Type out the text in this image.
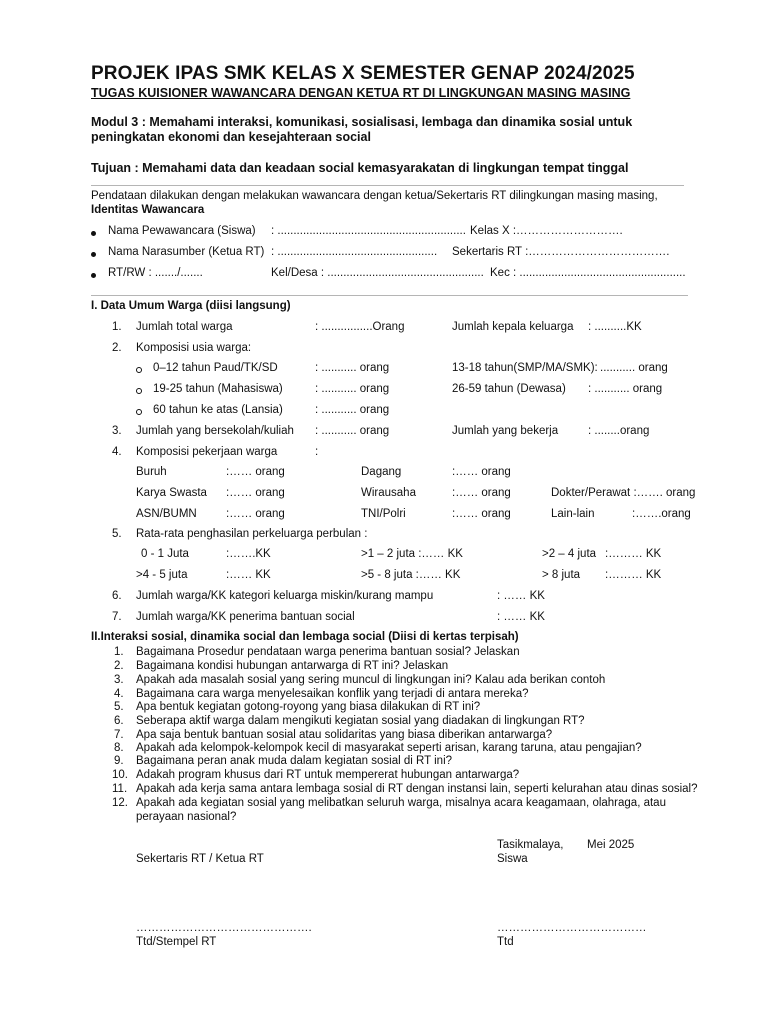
PROJEK IPAS SMK KELAS X SEMESTER GENAP 2024/2025
TUGAS KUISIONER WAWANCARA DENGAN KETUA RT DI LINGKUNGAN MASING MASING
Modul 3 : Memahami interaksi, komunikasi, sosialisasi, lembaga dan dinamika sosial untuk
peningkatan ekonomi dan kesejahteraan social
Tujuan : Memahami data dan keadaan social kemasyarakatan di lingkungan tempat tinggal
Pendataan dilakukan dengan melakukan wawancara dengan ketua/Sekertaris RT dilingkungan masing masing,
Identitas Wawancara
Nama Pewawancara (Siswa) : ........................................................... Kelas X :……………………….
Nama Narasumber (Ketua RT) : .................................................. Sekertaris RT :……………………………….
RT/RW : ......./.......	Kel/Desa : ................................................. Kec : ....................................................
I. Data Umum Warga (diisi langsung)
1. Jumlah total warga	: ................Orang	Jumlah kepala keluarga : ..........KK
2. Komposisi usia warga:
0–12 tahun Paud/TK/SD	: ........... orang	13-18 tahun(SMP/MA/SMK): ........... orang
19-25 tahun (Mahasiswa)	: ........... orang	26-59 tahun (Dewasa) : ........... orang
60 tahun ke atas (Lansia)	: ........... orang
3. Jumlah yang bersekolah/kuliah : ........... orang	Jumlah yang bekerja	: ........orang
4. Komposisi pekerjaan warga	:
Buruh	:…… orang	Dagang	:…… orang
Karya Swasta :…… orang	Wirausaha	:…… orang	Dokter/Perawat :……. orang
ASN/BUMN	:…… orang	TNI/Polri	:…… orang	Lain-lain	:…….orang
5. Rata-rata penghasilan perkeluarga perbulan :
0 - 1 Juta	:…….KK	>1 – 2 juta :…… KK	>2 – 4 juta :……… KK
>4 - 5 juta	:…… KK	>5 - 8 juta :…… KK	> 8 juta :……… KK
6. Jumlah warga/KK kategori keluarga miskin/kurang mampu	: …… KK
7. Jumlah warga/KK penerima bantuan social	: …… KK
II.Interaksi sosial, dinamika social dan lembaga social (Diisi di kertas terpisah)
1. Bagaimana Prosedur pendataan warga penerima bantuan sosial? Jelaskan
2. Bagaimana kondisi hubungan antarwarga di RT ini? Jelaskan
3. Apakah ada masalah sosial yang sering muncul di lingkungan ini? Kalau ada berikan contoh
4. Bagaimana cara warga menyelesaikan konflik yang terjadi di antara mereka?
5. Apa bentuk kegiatan gotong-royong yang biasa dilakukan di RT ini?
6. Seberapa aktif warga dalam mengikuti kegiatan sosial yang diadakan di lingkungan RT?
7. Apa saja bentuk bantuan sosial atau solidaritas yang biasa diberikan antarwarga?
8. Apakah ada kelompok-kelompok kecil di masyarakat seperti arisan, karang taruna, atau pengajian?
9. Bagaimana peran anak muda dalam kegiatan sosial di RT ini?
10. Adakah program khusus dari RT untuk mempererat hubungan antarwarga?
11. Apakah ada kerja sama antara lembaga sosial di RT dengan instansi lain, seperti kelurahan atau dinas sosial?
12. Apakah ada kegiatan sosial yang melibatkan seluruh warga, misalnya acara keagamaan, olahraga, atau
perayaan nasional?
Tasikmalaya, Mei 2025
Sekertaris RT / Ketua RT	Siswa
……………………………………….	…………………………………
Ttd/Stempel RT	Ttd
